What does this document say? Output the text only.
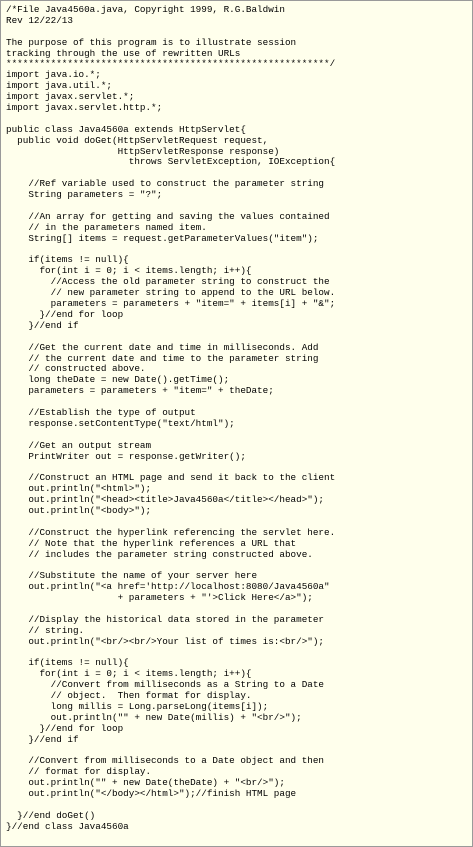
/*File Java4560a.java, Copyright 1999, R.G.Baldwin
Rev 12/22/13
The purpose of this program is to illustrate session
tracking through the use of rewritten URLs
**********************************************************/
import java.io.*;
import java.util.*;
import javax.servlet.*;
import javax.servlet.http.*;
public class Java4560a extends HttpServlet{
public void doGet(HttpServletRequest request,
HttpServletResponse response)
throws ServletException, IOException{
//Ref variable used to construct the parameter string
String parameters = "?";
//An array for getting and saving the values contained
// in the parameters named item.
String[] items = request.getParameterValues("item");
if(items != null){
for(int i = 0; i < items.length; i++){
//Access the old parameter string to construct the
// new parameter string to append to the URL below.
parameters = parameters + "item=" + items[i] + "&";
}//end for loop
}//end if
//Get the current date and time in milliseconds. Add
// the current date and time to the parameter string
// constructed above.
long theDate = new Date().getTime();
parameters = parameters + "item=" + theDate;
//Establish the type of output
response.setContentType("text/html");
//Get an output stream
PrintWriter out = response.getWriter();
//Construct an HTML page and send it back to the client
out.println("<html>");
out.println("<head><title>Java4560a</title></head>");
out.println("<body>");
//Construct the hyperlink referencing the servlet here.
// Note that the hyperlink references a URL that
// includes the parameter string constructed above.
//Substitute the name of your server here
out.println("<a href='http://localhost:8080/Java4560a"
+ parameters + "'>Click Here</a>");
//Display the historical data stored in the parameter
// string.
out.println("<br/><br/>Your list of times is:<br/>");
if(items != null){
for(int i = 0; i < items.length; i++){
//Convert from milliseconds as a String to a Date
// object.  Then format for display.
long millis = Long.parseLong(items[i]);
out.println("" + new Date(millis) + "<br/>");
}//end for loop
}//end if
//Convert from milliseconds to a Date object and then
// format for display.
out.println("" + new Date(theDate) + "<br/>");
out.println("</body></html>");//finish HTML page
}//end doGet()
}//end class Java4560a
